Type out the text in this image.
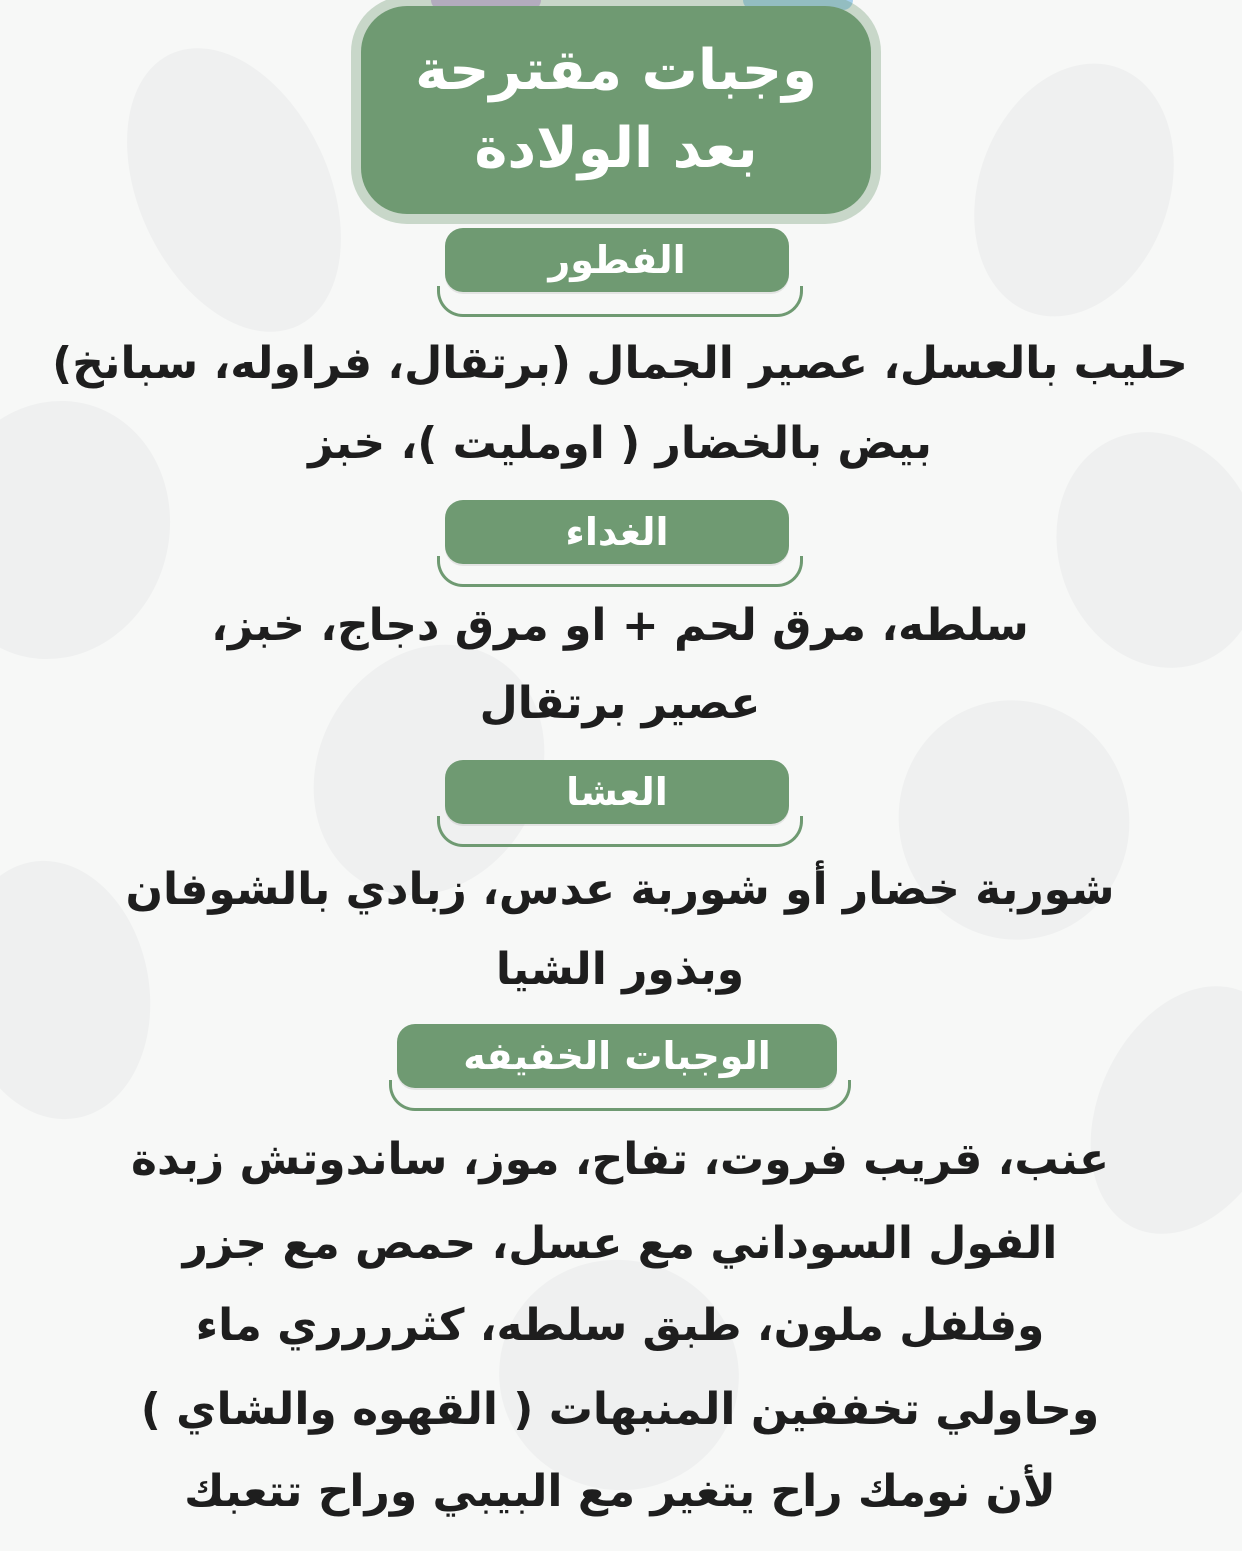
وجبات مقترحة
بعد الولادة
الفطور
حليب بالعسل، عصير الجمال (برتقال، فراوله، سبانخ)
بيض بالخضار ( اومليت )، خبز
الغداء
سلطه، مرق لحم + او مرق دجاج، خبز،
عصير برتقال
العشا
شوربة خضار أو شوربة عدس، زبادي بالشوفان
وبذور الشيا
الوجبات الخفيفه
عنب، قريب فروت، تفاح، موز، ساندوتش زبدة
الفول السوداني مع عسل، حمص مع جزر
وفلفل ملون، طبق سلطه، كثرررري ماء
وحاولي تخففين المنبهات ( القهوه والشاي )
لأن نومك راح يتغير مع البيبي وراح تتعبك
